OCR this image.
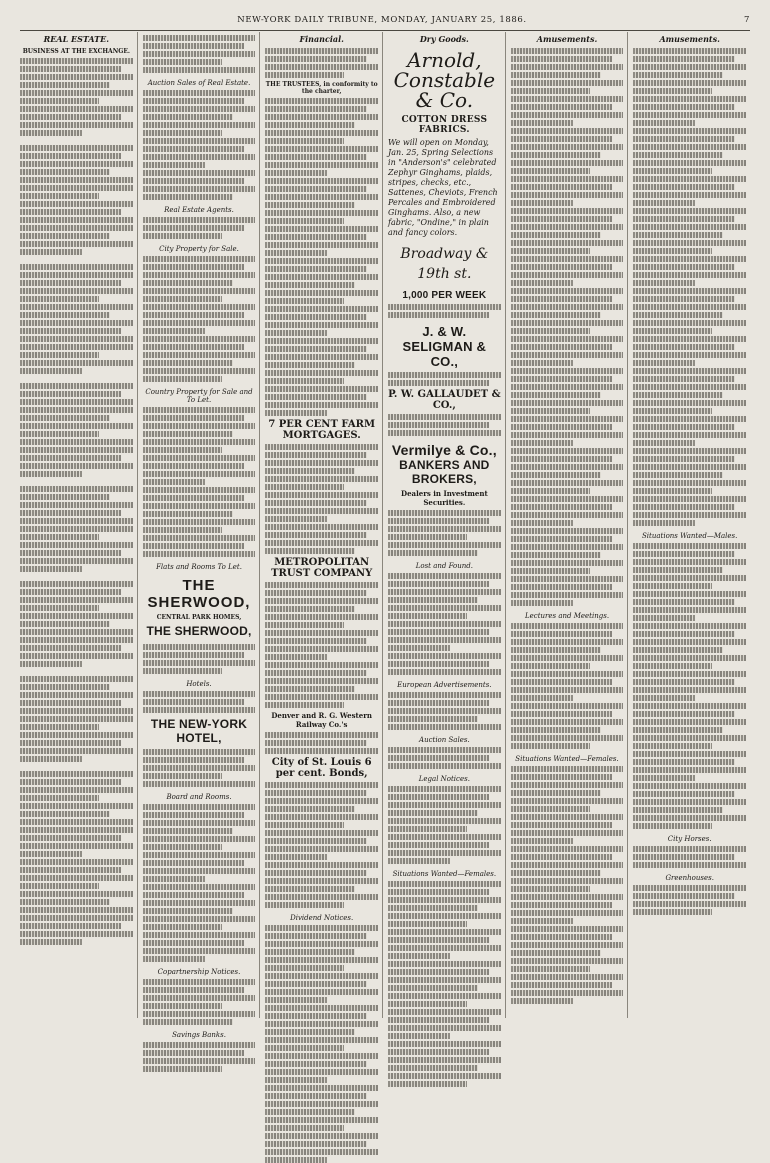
NEW-YORK DAILY TRIBUNE, MONDAY, JANUARY 25, 1886.	7
REAL ESTATE.
BUSINESS AT THE EXCHANGE.
Auction Sales of Real Estate.
Real Estate Agents.
City Property for Sale.
Country Property for Sale and To Let.
Flats and Rooms To Let.
THE SHERWOOD,
CENTRAL PARK HOMES,
THE SHERWOOD,
Hotels.
THE NEW-YORK HOTEL,
Board and Rooms.
Copartnership Notices.
Savings Banks.
Financial.
THE TRUSTEES, in conformity to the charter,
7 PER CENT FARM MORTGAGES.
METROPOLITAN TRUST COMPANY
Denver and R. G. Western Railway Co.'s
City of St. Louis 6 per cent. Bonds,
Dividend Notices.
Dry Goods.
Arnold,
Constable & Co.
COTTON DRESS FABRICS.
We will open on Monday, Jan. 25, Spring Selections in "Anderson's" celebrated Zephyr Ginghams, plaids, stripes, checks, etc., Sattenes, Cheviots, French Percales and Embroidered Ginghams. Also, a new fabric, "Ondine," in plain and fancy colors.
Broadway & 19th st.
1,000 PER WEEK
J. & W. SELIGMAN & CO.,
P. W. GALLAUDET & CO.,
Vermilye & Co.,
BANKERS AND BROKERS,
Dealers in Investment Securities.
Lost and Found.
European Advertisements.
Auction Sales.
Legal Notices.
Situations Wanted—Females.
Amusements.
Lectures and Meetings.
Situations Wanted—Females.
Amusements.
Situations Wanted—Males.
City Horses.
Greenhouses.
